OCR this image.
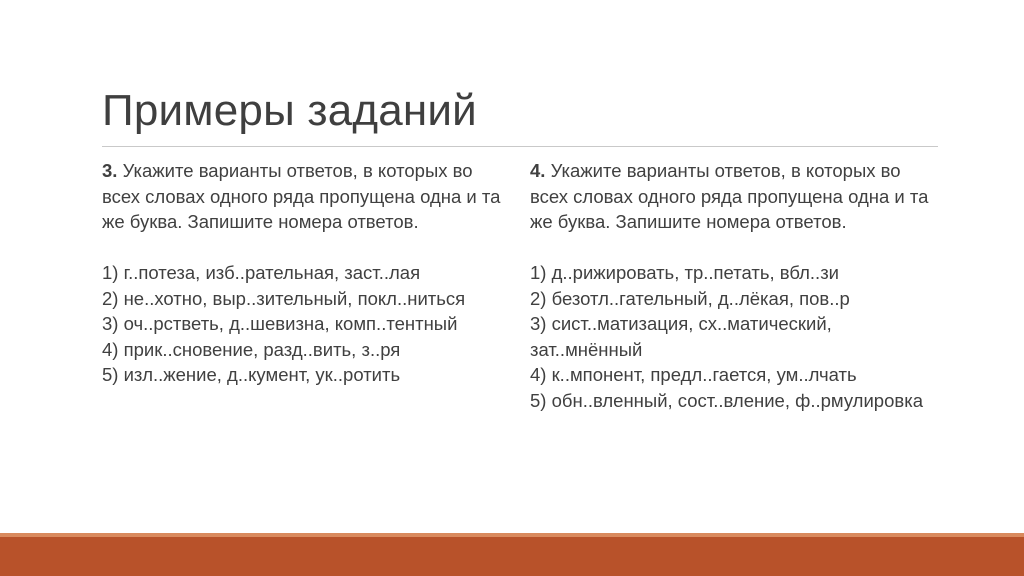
Примеры заданий
3. Укажите варианты ответов, в которых во всех словах одного ряда пропущена одна и та же буква. Запишите номера ответов.
1) г..потеза, изб..рательная, заст..лая
2) не..хотно, выр..зительный, покл..ниться
3) оч..рстветь, д..шевизна, комп..тентный
4) прик..сновение, разд..вить, з..ря
5) изл..жение, д..кумент, ук..ротить
4. Укажите варианты ответов, в которых во всех словах одного ряда пропущена одна и та же буква. Запишите номера ответов.
1) д..рижировать, тр..петать, вбл..зи
2) безотл..гательный, д..лёкая, пов..р
3) сист..матизация, сх..матический, зат..мнённый
4) к..мпонент, предл..гается, ум..лчать
5) обн..вленный, сост..вление, ф..рмулировка
